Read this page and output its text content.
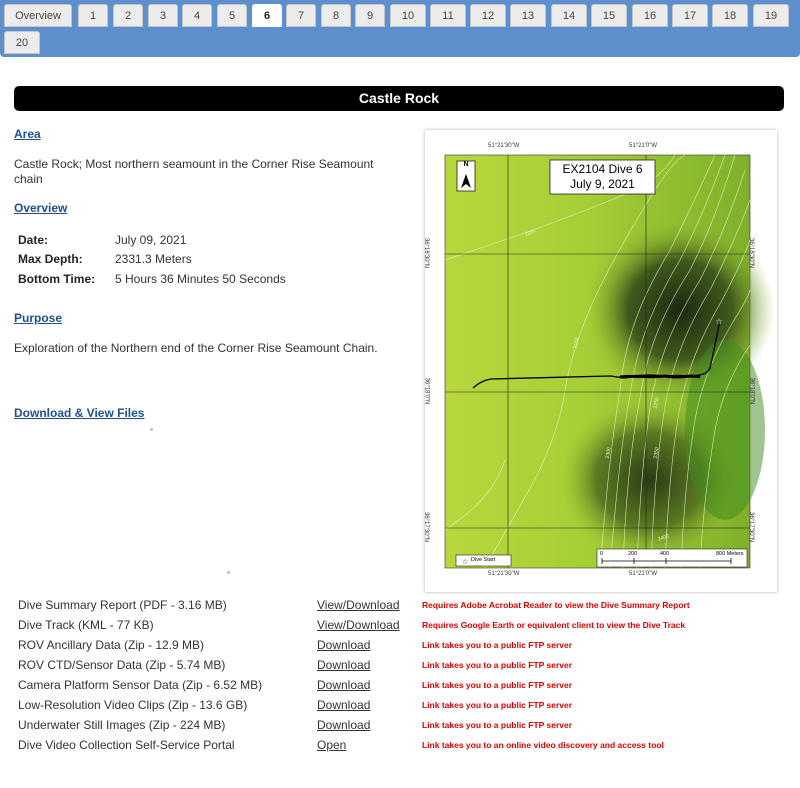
Overview	1	2	3	4	5	6	7	8	9	10	11	12	13	14	15	16	17	18	19
20
Castle Rock
Area
Castle Rock; Most northern seamount in the Corner Rise Seamount chain
Overview
Date:	July 09, 2021
Max Depth:	2331.3 Meters
Bottom Time: 5 Hours 36 Minutes 50 Seconds
Purpose
Exploration of the Northern end of the Corner Rise Seamount Chain.
Download & View Files
☆
☆
EX2104 Dive 6
July 9, 2021
N
51°21'30"W	51°21'0"W
51°21'30"W	51°21'0"W
36°18'30"N
36°18'0"N
36°17'30"N
36°18'30"N
36°18'0"N
36°17'30"N
Dive Start
0	200	400	800 Meters
2050
2150
2250
2300	2350
2400
Dive Summary Report (PDF - 3.16 MB)	View/Download	Requires Adobe Acrobat Reader to view the Dive Summary Report
Dive Track (KML - 77 KB)	View/Download	Requires Google Earth or equivalent client to view the Dive Track
ROV Ancillary Data (Zip - 12.9 MB)	Download	Link takes you to a public FTP server
ROV CTD/Sensor Data (Zip - 5.74 MB)	Download	Link takes you to a public FTP server
Camera Platform Sensor Data (Zip - 6.52 MB)	Download	Link takes you to a public FTP server
Low-Resolution Video Clips (Zip - 13.6 GB)	Download	Link takes you to a public FTP server
Underwater Still Images (Zip - 224 MB)	Download	Link takes you to a public FTP server
Dive Video Collection Self-Service Portal	Open	Link takes you to an online video discovery and access tool
